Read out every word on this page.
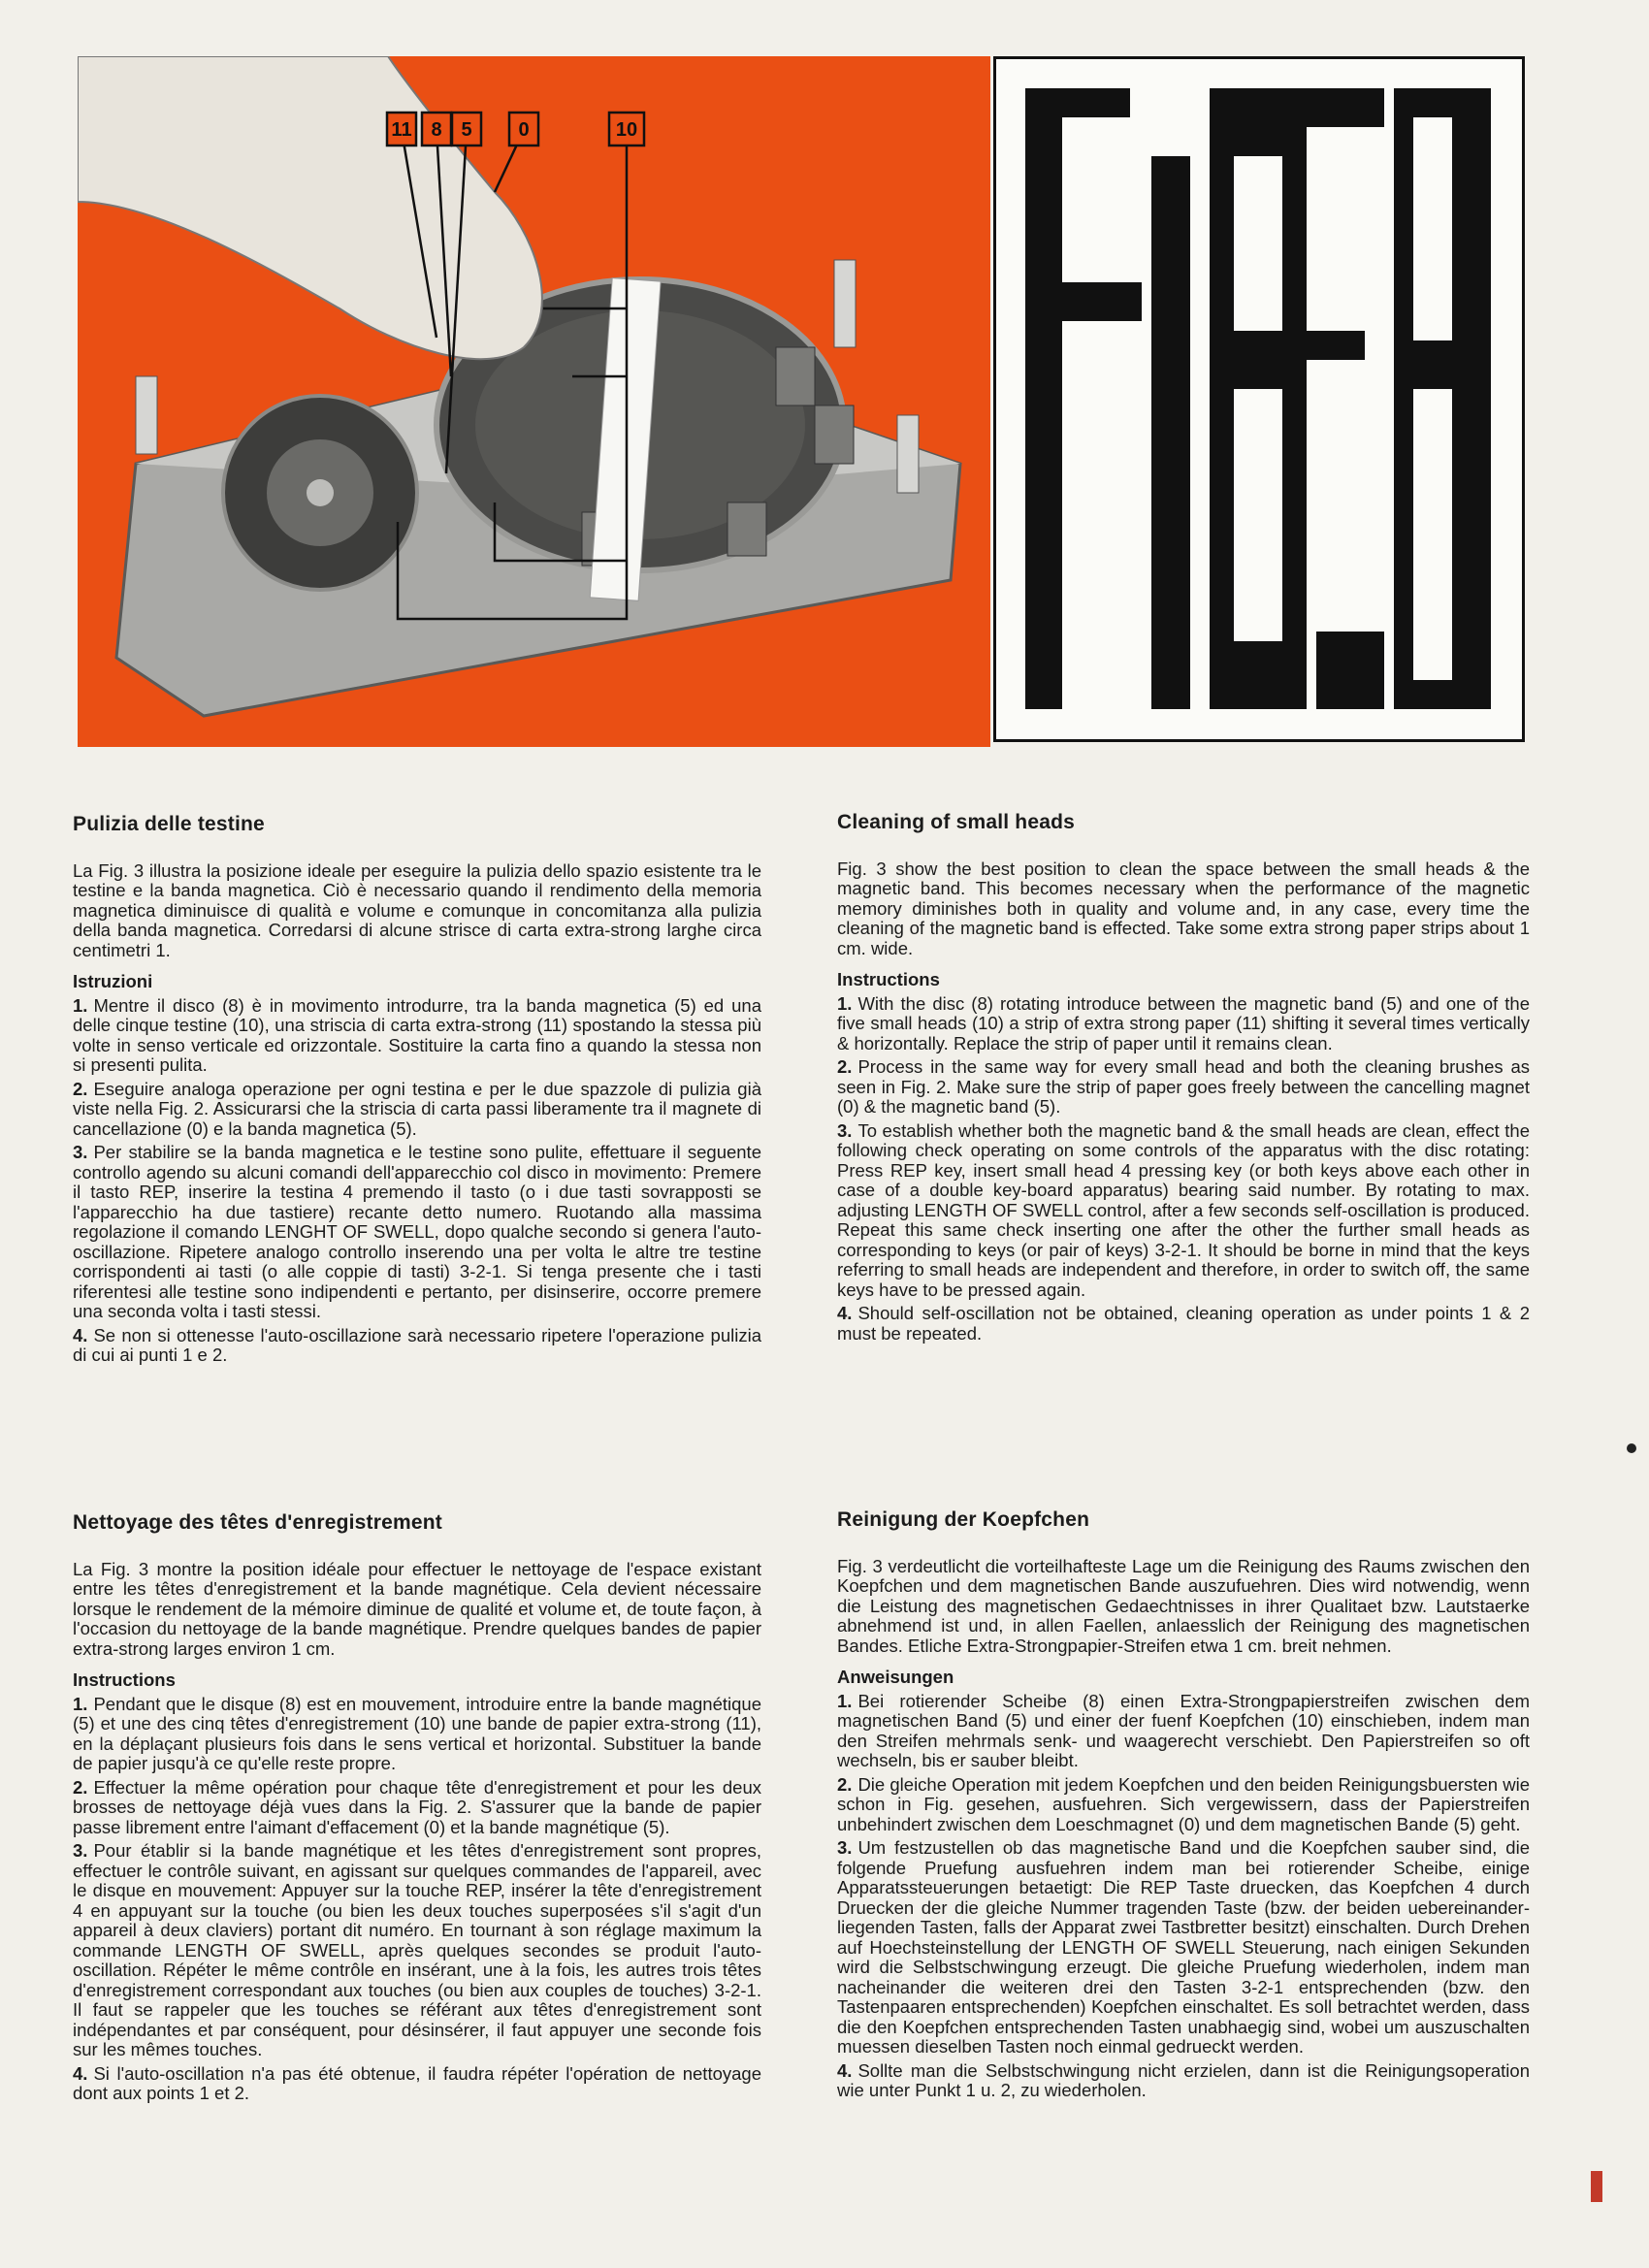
11 8 5 0	10
Pulizia delle testine

La Fig. 3 illustra la posizione ideale per eseguire la pulizia dello spazio esistente tra le testine e la banda magnetica. Ciò è necessario quando il rendimento della memoria magnetica diminuisce di qualità e volume e comunque in concomitanza alla pulizia della banda magnetica. Corredarsi di alcune strisce di carta extra-strong larghe circa centimetri 1.

Istruzioni
1. Mentre il disco (8) è in movimento introdurre, tra la banda magnetica (5) ed una delle cinque testine (10), una striscia di carta extra-strong (11) spostando la stessa più volte in senso verticale ed orizzontale. Sostituire la carta fino a quando la stessa non si presenti pulita.
2. Eseguire analoga operazione per ogni testina e per le due spazzole di pulizia già viste nella Fig. 2. Assicurarsi che la striscia di carta passi liberamente tra il magnete di cancellazione (0) e la banda magnetica (5).
3. Per stabilire se la banda magnetica e le testine sono pulite, effettuare il seguente controllo agendo su alcuni comandi dell'apparecchio col disco in movimento: Premere il tasto REP, inserire la testina 4 premendo il tasto (o i due tasti sovrapposti se l'apparecchio ha due tastiere) recante detto numero. Ruotando alla massima regolazione il comando LENGHT OF SWELL, dopo qualche secondo si genera l'auto-oscillazione. Ripetere analogo controllo inserendo una per volta le altre tre testine corrispondenti ai tasti (o alle coppie di tasti) 3-2-1. Si tenga presente che i tasti riferentesi alle testine sono indipendenti e pertanto, per disinserire, occorre premere una seconda volta i tasti stessi.
4. Se non si ottenesse l'auto-oscillazione sarà necessario ripetere l'operazione pulizia di cui ai punti 1 e 2.
Cleaning of small heads

Fig. 3 show the best position to clean the space between the small heads & the magnetic band. This becomes necessary when the performance of the magnetic memory diminishes both in quality and volume and, in any case, every time the cleaning of the magnetic band is effected. Take some extra strong paper strips about 1 cm. wide.

Instructions
1. With the disc (8) rotating introduce between the magnetic band (5) and one of the five small heads (10) a strip of extra strong paper (11) shifting it several times vertically & horizontally. Replace the strip of paper until it remains clean.
2. Process in the same way for every small head and both the cleaning brushes as seen in Fig. 2. Make sure the strip of paper goes freely between the cancelling magnet (0) & the magnetic band (5).
3. To establish whether both the magnetic band & the small heads are clean, effect the following check operating on some controls of the apparatus with the disc rotating: Press REP key, insert small head 4 pressing key (or both keys above each other in case of a double key-board apparatus) bearing said number. By rotating to max. adjusting LENGTH OF SWELL control, after a few seconds self-oscillation is produced. Repeat this same check inserting one after the other the further small heads as corresponding to keys (or pair of keys) 3-2-1. It should be borne in mind that the keys referring to small heads are independent and therefore, in order to switch off, the same keys have to be pressed again.
4. Should self-oscillation not be obtained, cleaning operation as under points 1 & 2 must be repeated.
Nettoyage des têtes d'enregistrement

La Fig. 3 montre la position idéale pour effectuer le nettoyage de l'espace existant entre les têtes d'enregistrement et la bande magnétique. Cela devient nécessaire lorsque le rendement de la mémoire diminue de qualité et volume et, de toute façon, à l'occasion du nettoyage de la bande magnétique. Prendre quelques bandes de papier extra-strong larges environ 1 cm.

Instructions
1. Pendant que le disque (8) est en mouvement, introduire entre la bande magnétique (5) et une des cinq têtes d'enregistrement (10) une bande de papier extra-strong (11), en la déplaçant plusieurs fois dans le sens vertical et horizontal. Substituer la bande de papier jusqu'à ce qu'elle reste propre.
2. Effectuer la même opération pour chaque tête d'enregistrement et pour les deux brosses de nettoyage déjà vues dans la Fig. 2. S'assurer que la bande de papier passe librement entre l'aimant d'effacement (0) et la bande magnétique (5).
3. Pour établir si la bande magnétique et les têtes d'enregistrement sont propres, effectuer le contrôle suivant, en agissant sur quelques commandes de l'appareil, avec le disque en mouvement: Appuyer sur la touche REP, insérer la tête d'enregistrement 4 en appuyant sur la touche (ou bien les deux touches superposées s'il s'agit d'un appareil à deux claviers) portant dit numéro. En tournant à son réglage maximum la commande LENGTH OF SWELL, après quelques secondes se produit l'auto-oscillation. Répéter le même contrôle en insérant, une à la fois, les autres trois têtes d'enregistrement correspondant aux touches (ou bien aux couples de touches) 3-2-1. Il faut se rappeler que les touches se référant aux têtes d'enregistrement sont indépendantes et par conséquent, pour désinsérer, il faut appuyer une seconde fois sur les mêmes touches.
4. Si l'auto-oscillation n'a pas été obtenue, il faudra répéter l'opération de nettoyage dont aux points 1 et 2.
Reinigung der Koepfchen

Fig. 3 verdeutlicht die vorteilhafteste Lage um die Reinigung des Raums zwischen den Koepfchen und dem magnetischen Bande auszufuehren. Dies wird notwendig, wenn die Leistung des magnetischen Gedaechtnisses in ihrer Qualitaet bzw. Lautstaerke abnehmend ist und, in allen Faellen, anlaesslich der Reinigung des magnetischen Bandes. Etliche Extra-Strongpapier-Streifen etwa 1 cm. breit nehmen.

Anweisungen
1. Bei rotierender Scheibe (8) einen Extra-Strongpapierstreifen zwischen dem magnetischen Band (5) und einer der fuenf Koepfchen (10) einschieben, indem man den Streifen mehrmals senk- und waagerecht verschiebt. Den Papierstreifen so oft wechseln, bis er sauber bleibt.
2. Die gleiche Operation mit jedem Koepfchen und den beiden Reinigungsbuersten wie schon in Fig. gesehen, ausfuehren. Sich vergewissern, dass der Papierstreifen unbehindert zwischen dem Loeschmagnet (0) und dem magnetischen Bande (5) geht.
3. Um festzustellen ob das magnetische Band und die Koepfchen sauber sind, die folgende Pruefung ausfuehren indem man bei rotierender Scheibe, einige Apparatssteuerungen betaetigt: Die REP Taste druecken, das Koepfchen 4 durch Druecken der die gleiche Nummer tragenden Taste (bzw. der beiden uebereinander-liegenden Tasten, falls der Apparat zwei Tastbretter besitzt) einschalten. Durch Drehen auf Hoechsteinstellung der LENGTH OF SWELL Steuerung, nach einigen Sekunden wird die Selbstschwingung erzeugt. Die gleiche Pruefung wiederholen, indem man nacheinander die weiteren drei den Tasten 3-2-1 entsprechenden (bzw. den Tastenpaaren entsprechenden) Koepfchen einschaltet. Es soll betrachtet werden, dass die den Koepfchen entsprechenden Tasten unabhaegig sind, wobei um auszuschalten muessen dieselben Tasten noch einmal gedrueckt werden.
4. Sollte man die Selbstschwingung nicht erzielen, dann ist die Reinigungsoperation wie unter Punkt 1 u. 2, zu wiederholen.
